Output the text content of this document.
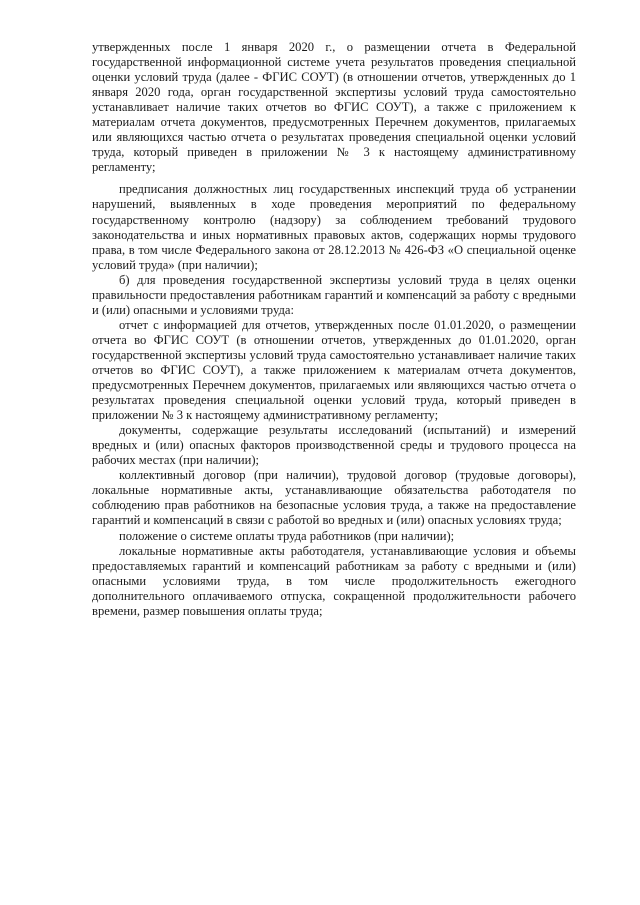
утвержденных после 1 января 2020 г., о размещении отчета в Федеральной государственной информационной системе учета результатов проведения специальной оценки условий труда (далее - ФГИС СОУТ) (в отношении отчетов, утвержденных до 1 января 2020 года, орган государственной экспертизы условий труда самостоятельно устанавливает наличие таких отчетов во ФГИС СОУТ), а также с приложением к материалам отчета документов, предусмотренных Перечнем документов, прилагаемых или являющихся частью отчета о результатах проведения специальной оценки условий труда, который приведен в приложении № 3 к настоящему административному регламенту;

предписания должностных лиц государственных инспекций труда об устранении нарушений, выявленных в ходе проведения мероприятий по федеральному государственному контролю (надзору) за соблюдением требований трудового законодательства и иных нормативных правовых актов, содержащих нормы трудового права, в том числе Федерального закона от 28.12.2013 № 426-ФЗ «О специальной оценке условий труда» (при наличии);

б) для проведения государственной экспертизы условий труда в целях оценки правильности предоставления работникам гарантий и компенсаций за работу с вредными и (или) опасными и условиями труда:

отчет с информацией для отчетов, утвержденных после 01.01.2020, о размещении отчета во ФГИС СОУТ (в отношении отчетов, утвержденных до 01.01.2020, орган государственной экспертизы условий труда самостоятельно устанавливает наличие таких отчетов во ФГИС СОУТ), а также приложением к материалам отчета документов, предусмотренных Перечнем документов, прилагаемых или являющихся частью отчета о результатах проведения специальной оценки условий труда, который приведен в приложении № 3 к настоящему административному регламенту;

документы, содержащие результаты исследований (испытаний) и измерений вредных и (или) опасных факторов производственной среды и трудового процесса на рабочих местах (при наличии);

коллективный договор (при наличии), трудовой договор (трудовые договоры), локальные нормативные акты, устанавливающие обязательства работодателя по соблюдению прав работников на безопасные условия труда, а также на предоставление гарантий и компенсаций в связи с работой во вредных и (или) опасных условиях труда;

положение о системе оплаты труда работников (при наличии);

локальные нормативные акты работодателя, устанавливающие условия и объемы предоставляемых гарантий и компенсаций работникам за работу с вредными и (или) опасными условиями труда, в том числе продолжительность ежегодного дополнительного оплачиваемого отпуска, сокращенной продолжительности рабочего времени, размер повышения оплаты труда;
